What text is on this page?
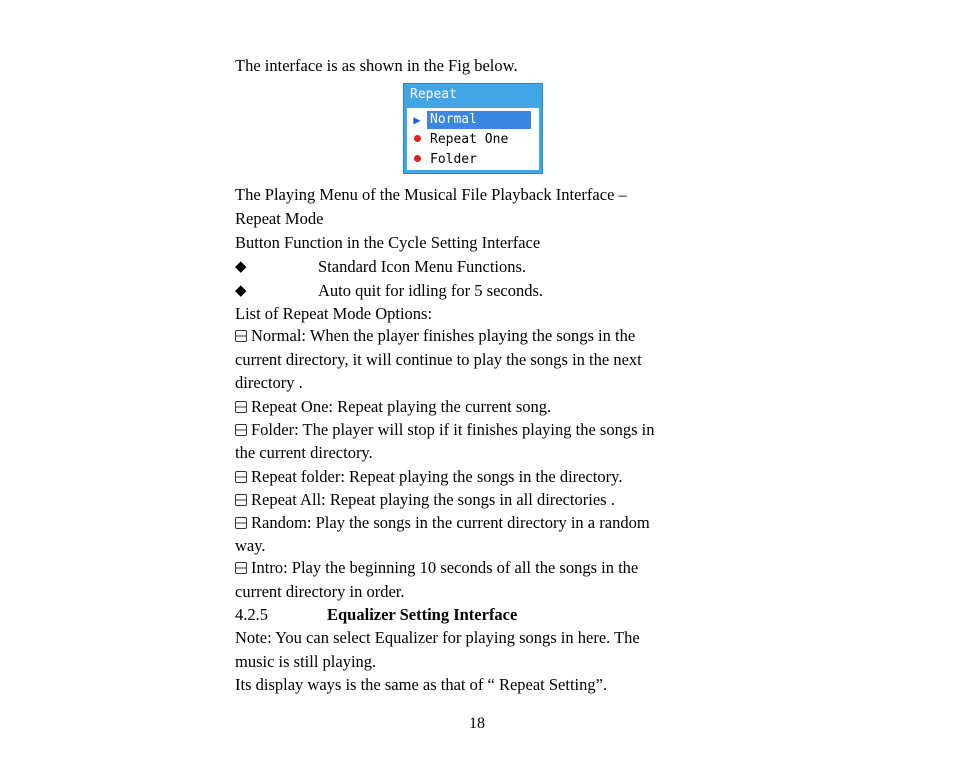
The interface is as shown in the Fig below.
Repeat
▶ Normal
Repeat One
Folder
The Playing Menu of the Musical File Playback Interface –
Repeat Mode
Button Function in the Cycle Setting Interface
◆	Standard Icon Menu Functions.
◆	Auto quit for idling for 5 seconds.
List of Repeat Mode Options:
Normal: When the player finishes playing the songs in the
current directory, it will continue to play the songs in the next
directory .
Repeat One: Repeat playing the current song.
Folder: The player will stop if it finishes playing the songs in
the current directory.
Repeat folder: Repeat playing the songs in the directory.
Repeat All: Repeat playing the songs in all directories .
Random: Play the songs in the current directory in a random
way.
Intro: Play the beginning 10 seconds of all the songs in the
current directory in order.
4.2.5	Equalizer Setting Interface
Note: You can select Equalizer for playing songs in here. The
music is still playing.
Its display ways is the same as that of “ Repeat Setting”.
18
